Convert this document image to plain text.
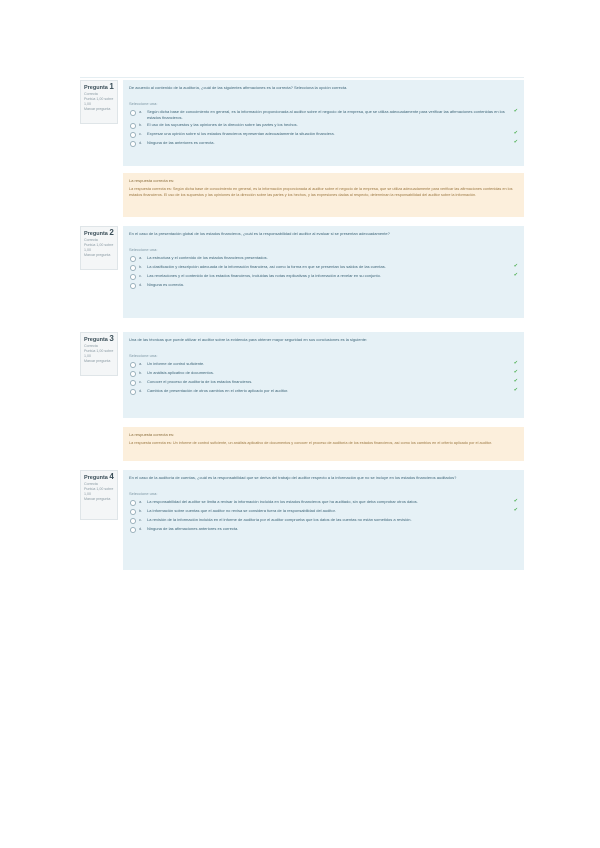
Pregunta 1
Correcta
Puntúa 1,00 sobre 1,00
Marcar pregunta

De acuerdo al contenido de la auditoría, ¿cuál de las siguientes afirmaciones es la correcta? Selecciona la opción correcta.

Seleccione una:

a.	Según dicha base de conocimiento en general, es la información proporcionada al auditor sobre el negocio de la empresa, que se utiliza adecuadamente para verificar las afirmaciones contenidas en los estados financieros.
✔
b.	El uso de los supuestos y las opiniones de la dirección sobre las partes y los hechos.
c.	Expresar una opinión sobre si los estados financieros representan adecuadamente la situación financiera.	✔
d.	Ninguna de las anteriores es correcta.	✔
La respuesta correcta es:
La respuesta correcta es: Según dicha base de conocimiento en general, es la información proporcionada al auditor sobre el negocio de la empresa, que se utiliza adecuadamente para verificar las afirmaciones contenidas en los estados financieros. El uso de los supuestos y las opiniones de la dirección sobre las partes y los hechos, y las expresiones dadas al respecto, determinan la responsabilidad del auditor sobre la información.
Pregunta 2
Correcta
Puntúa 1,00 sobre 1,00
Marcar pregunta

En el caso de la presentación global de los estados financieros, ¿cuál es la responsabilidad del auditor al evaluar si se presentan adecuadamente?

Seleccione una:

a.	La estructura y el contenido de los estados financieros presentados.
b.	La clasificación y descripción adecuada de la información financiera, así como la forma en que se presentan los saldos de las cuentas.	✔
c.	Las revelaciones y el contenido de los estados financieros, incluidas las notas explicativas y la información a revelar en su conjunto.	✔
d.	Ninguna es correcta.
Pregunta 3
Correcta
Puntúa 1,00 sobre 1,00
Marcar pregunta

Una de las técnicas que puede utilizar el auditor sobre la evidencia para obtener mayor seguridad en sus conclusiones es la siguiente:

Seleccione una:

a.	Un informe de control suficiente.	✔
b.	Un análisis aplicativo de documentos.	✔
c.	Conocer el proceso de auditoría de los estados financieros.	✔
d.	Cambios de presentación de otros cambios en el criterio aplicado por el auditor.	✔
La respuesta correcta es:
La respuesta correcta es: Un informe de control suficiente, un análisis aplicativo de documentos y conocer el proceso de auditoría de los estados financieros, así como los cambios en el criterio aplicado por el auditor.
Pregunta 4
Correcta
Puntúa 1,00 sobre 1,00
Marcar pregunta

En el caso de la auditoría de cuentas, ¿cuál es la responsabilidad que se deriva del trabajo del auditor respecto a la información que no se incluye en los estados financieros auditados?

Seleccione una:

a.	La responsabilidad del auditor se limita a revisar la información incluida en los estados financieros que ha auditado, sin que deba comprobar otros datos.	✔
b.	La información sobre cuentas que el auditor no revisa se considera fuera de la responsabilidad del auditor.	✔
c.	La revisión de la información incluida en el informe de auditoría por el auditor comprueba que los datos de las cuentas no están sometidos a revisión.
d.	Ninguna de las afirmaciones anteriores es correcta.
